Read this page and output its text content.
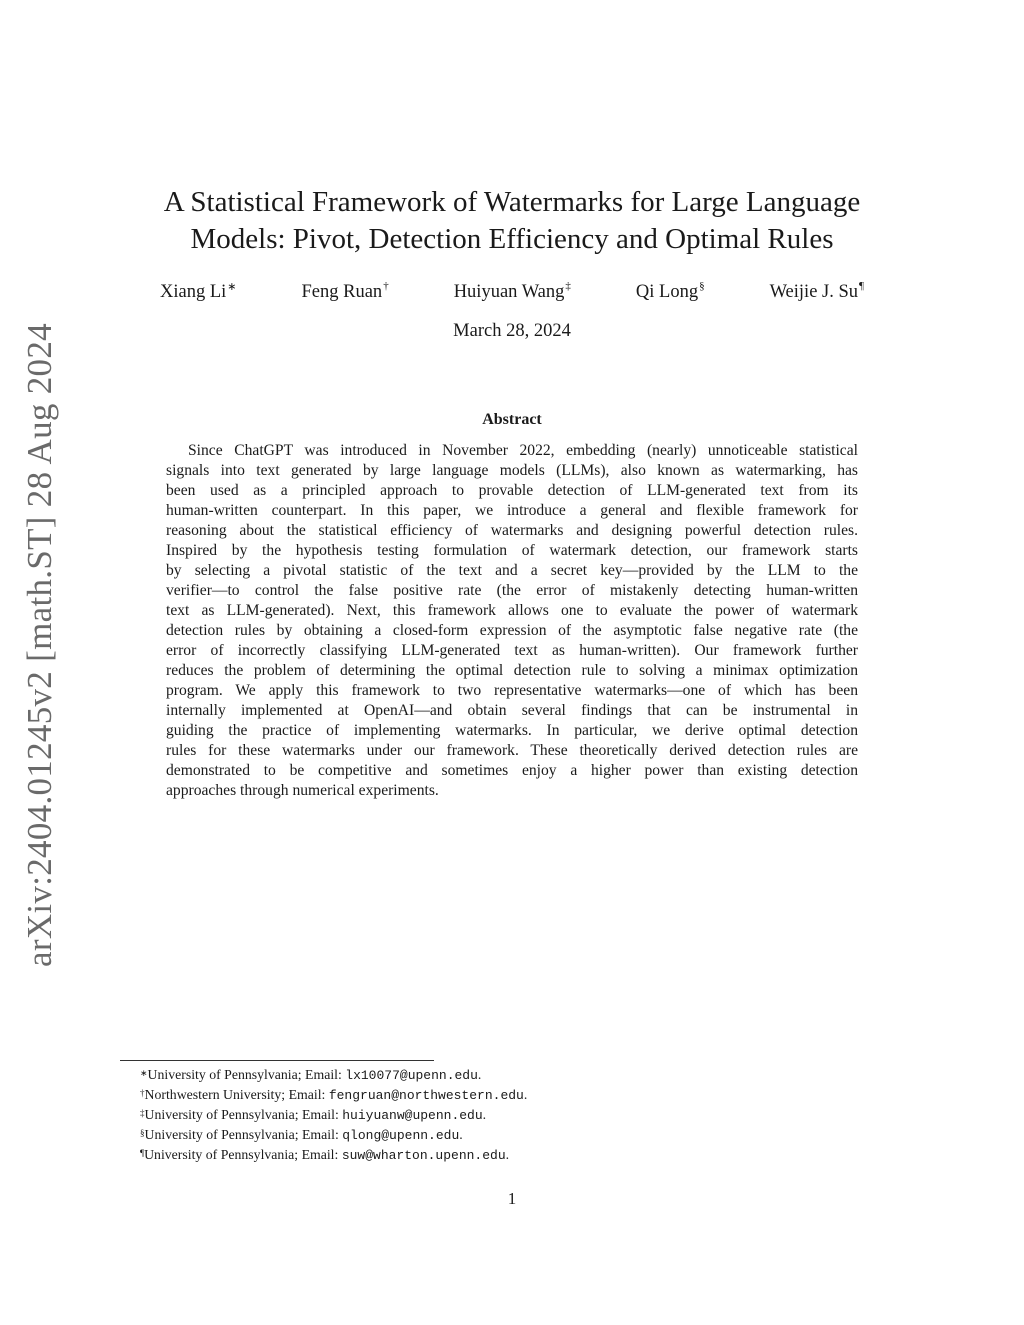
arXiv:2404.01245v2 [math.ST] 28 Aug 2024
A Statistical Framework of Watermarks for Large Language
Models: Pivot, Detection Efficiency and Optimal Rules
Xiang Li∗	Feng Ruan†	Huiyuan Wang‡	Qi Long§	Weijie J. Su¶
March 28, 2024
Abstract
Since ChatGPT was introduced in November 2022, embedding (nearly) unnoticeable statistical
signals into text generated by large language models (LLMs), also known as watermarking, has
been used as a principled approach to provable detection of LLM-generated text from its
human-written counterpart. In this paper, we introduce a general and flexible framework for
reasoning about the statistical efficiency of watermarks and designing powerful detection rules.
Inspired by the hypothesis testing formulation of watermark detection, our framework starts
by selecting a pivotal statistic of the text and a secret key—provided by the LLM to the
verifier—to control the false positive rate (the error of mistakenly detecting human-written
text as LLM-generated). Next, this framework allows one to evaluate the power of watermark
detection rules by obtaining a closed-form expression of the asymptotic false negative rate (the
error of incorrectly classifying LLM-generated text as human-written). Our framework further
reduces the problem of determining the optimal detection rule to solving a minimax optimization
program. We apply this framework to two representative watermarks—one of which has been
internally implemented at OpenAI—and obtain several findings that can be instrumental in
guiding the practice of implementing watermarks. In particular, we derive optimal detection
rules for these watermarks under our framework. These theoretically derived detection rules are
demonstrated to be competitive and sometimes enjoy a higher power than existing detection
approaches through numerical experiments.
∗University of Pennsylvania; Email: lx10077@upenn.edu.
†Northwestern University; Email: fengruan@northwestern.edu.
‡University of Pennsylvania; Email: huiyuanw@upenn.edu.
§University of Pennsylvania; Email: qlong@upenn.edu.
¶University of Pennsylvania; Email: suw@wharton.upenn.edu.
1
